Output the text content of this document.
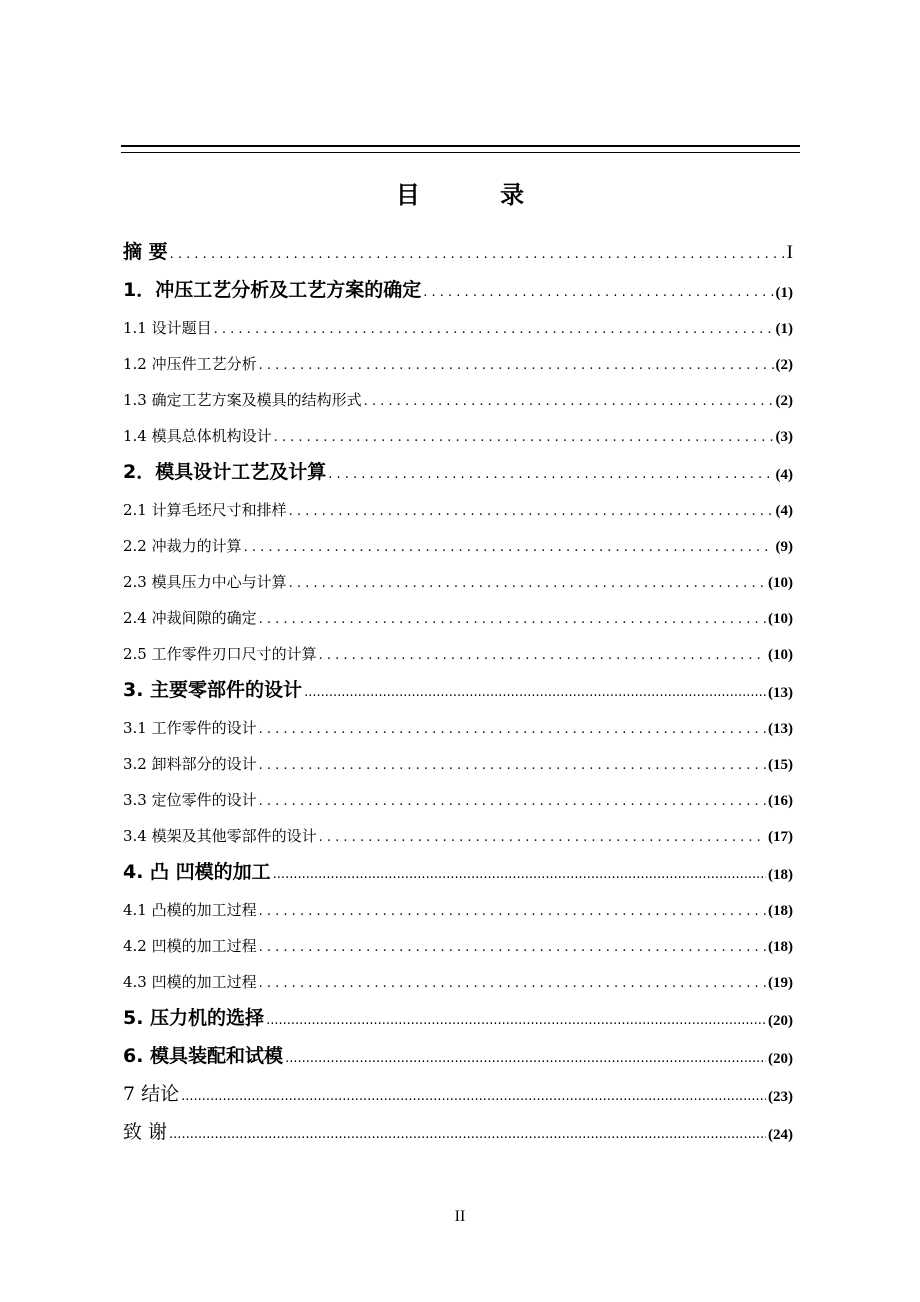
目 录
摘 要 . . .	I
1．冲压工艺分析及工艺方案的确定 . . .	(1)
1.1 设计题目 . . .	(1)
1.2 冲压件工艺分析 . . .	(2)
1.3 确定工艺方案及模具的结构形式 . . .	(2)
1.4 模具总体机构设计 . . .	(3)
2．模具设计工艺及计算 . . .	(4)
2.1 计算毛坯尺寸和排样 . . .	(4)
2.2 冲裁力的计算 . . .	(9)
2.3 模具压力中心与计算 . . .	(10)
2.4 冲裁间隙的确定 . . .	(10)
2.5 工作零件刃口尺寸的计算 . . .	(10)
3. 主要零部件的设计 .....	(13)
3.1 工作零件的设计 . . .	(13)
3.2 卸料部分的设计 . . .	(15)
3.3 定位零件的设计 . . .	(16)
3.4 模架及其他零部件的设计 . . .	(17)
4. 凸 凹模的加工 .....	(18)
4.1 凸模的加工过程 . . .	(18)
4.2 凹模的加工过程 . . .	(18)
4.3 凹模的加工过程 . . .	(19)
5. 压力机的选择 .....	(20)
6. 模具装配和试模 .....	(20)
7 结论 .....	(23)
致 谢 .....	(24)
II
